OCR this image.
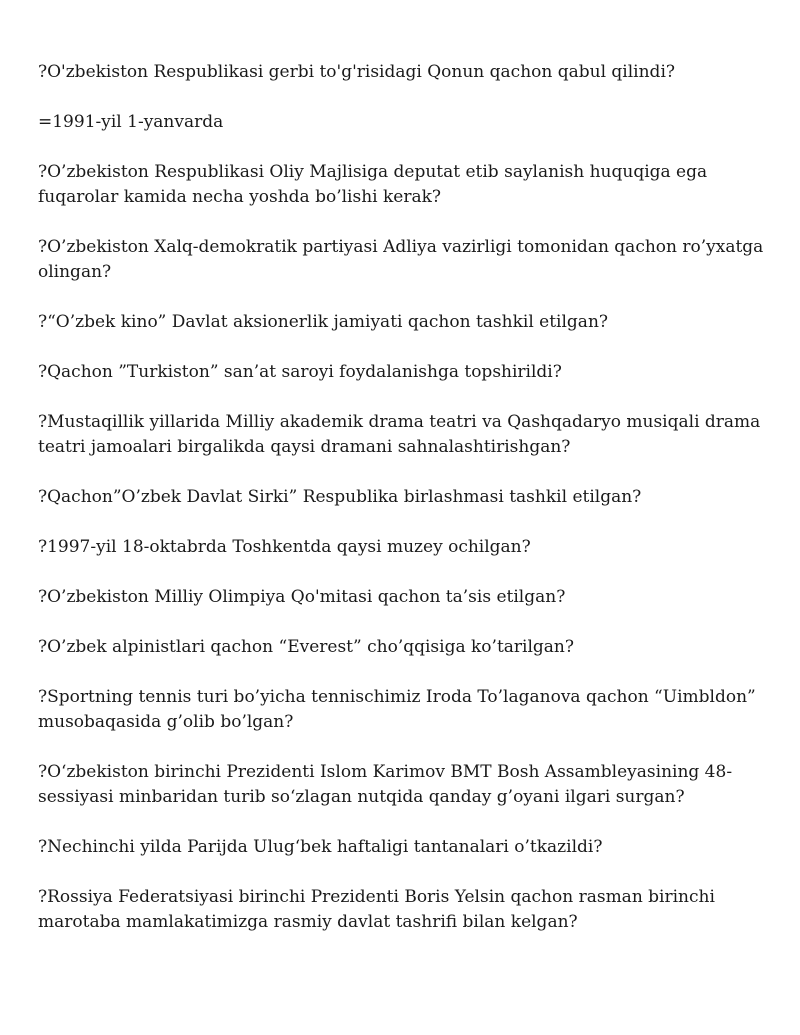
?O'zbekiston Respublikasi gerbi to'g'risidagi Qonun qachon qabul qilindi?

=1991-yil 1-yanvarda

?O’zbekiston Respublikasi Oliy Majlisiga deputat etib saylanish huquqiga ega fuqarolar kamida necha yoshda bo’lishi kerak?

?O’zbekiston Xalq-demokratik partiyasi Adliya vazirligi tomonidan qachon ro’yxatga olingan?

?“O’zbek kino” Davlat aksionerlik jamiyati qachon tashkil etilgan?

?Qachon ”Turkiston” san’at saroyi foydalanishga topshirildi?

?Mustaqillik yillarida Milliy akademik drama teatri va Qashqadaryo musiqali drama teatri jamoalari birgalikda qaysi dramani sahnalashtirishgan?

?Qachon”O’zbek Davlat Sirki” Respublika birlashmasi tashkil etilgan?

?1997-yil 18-oktabrda Toshkentda qaysi muzey ochilgan?

?O’zbekiston Milliy Olimpiya Qo'mitasi qachon ta’sis etilgan?

?O’zbek alpinistlari qachon “Everest” cho’qqisiga ko’tarilgan?

?Sportning tennis turi bo’yicha tennischimiz Iroda To’laganova qachon “Uimbldon” musobaqasida g’olib bo’lgan?

?O‘zbekiston birinchi Prezidenti Islom Karimov BMT Bosh Assambleyasining 48-sessiyasi minbaridan turib so‘zlagan nutqida qanday g’oyani ilgari surgan?

?Nechinchi yilda Parijda Ulug‘bek haftaligi tantanalari o’tkazildi?

?Rossiya Federatsiyasi birinchi Prezidenti Boris Yelsin qachon rasman birinchi marotaba mamlakatimizga rasmiy davlat tashrifi bilan kelgan?
